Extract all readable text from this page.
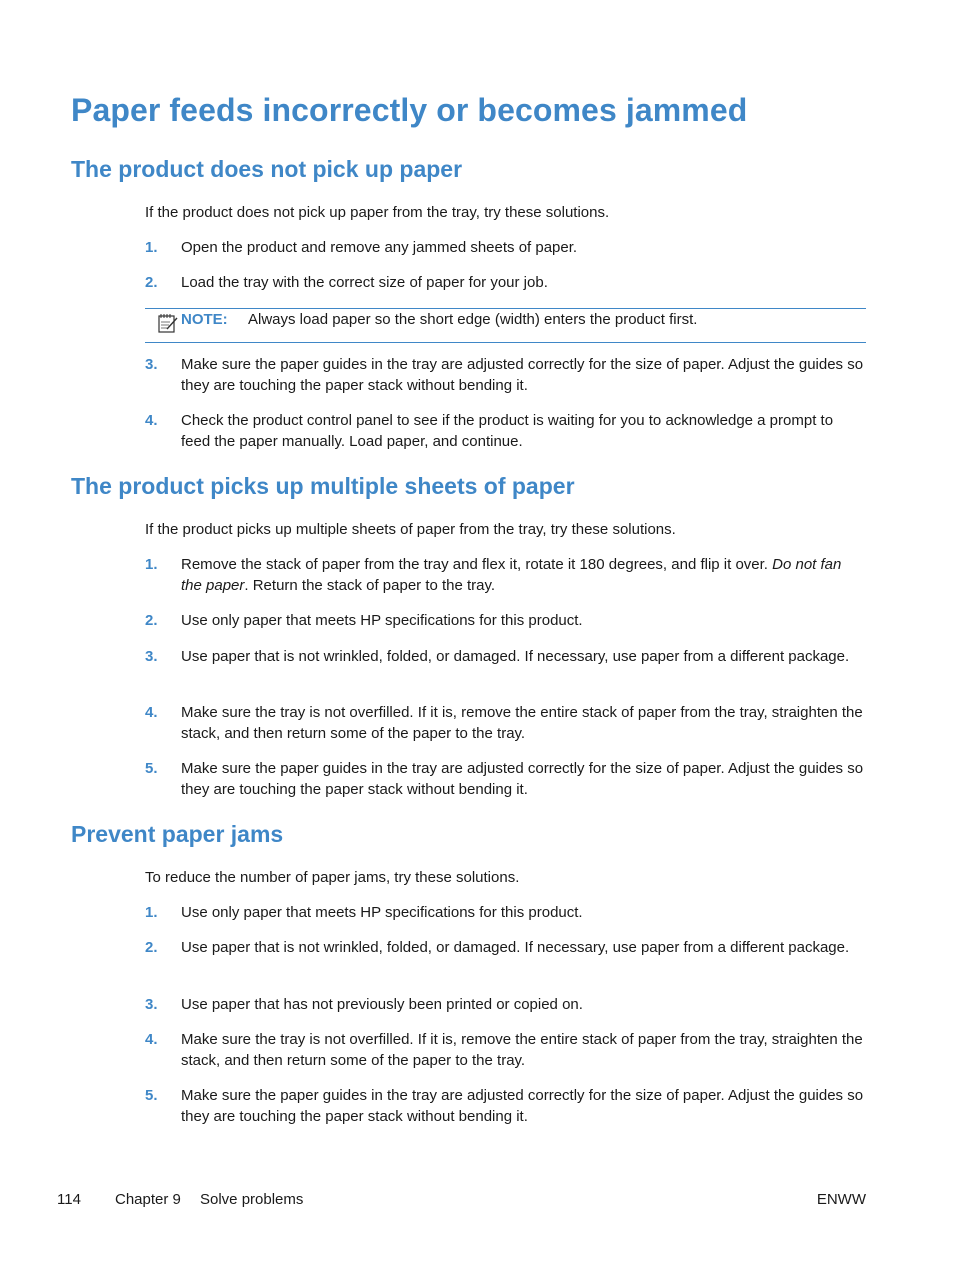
Paper feeds incorrectly or becomes jammed
The product does not pick up paper

If the product does not pick up paper from the tray, try these solutions.

1. Open the product and remove any jammed sheets of paper.
2. Load the tray with the correct size of paper for your job.
NOTE: Always load paper so the short edge (width) enters the product first.
3. Make sure the paper guides in the tray are adjusted correctly for the size of paper. Adjust the guides so they are touching the paper stack without bending it.
4. Check the product control panel to see if the product is waiting for you to acknowledge a prompt to feed the paper manually. Load paper, and continue.
The product picks up multiple sheets of paper

If the product picks up multiple sheets of paper from the tray, try these solutions.

1. Remove the stack of paper from the tray and flex it, rotate it 180 degrees, and flip it over. Do not fan the paper. Return the stack of paper to the tray.
2. Use only paper that meets HP specifications for this product.
3. Use paper that is not wrinkled, folded, or damaged. If necessary, use paper from a different package.
4. Make sure the tray is not overfilled. If it is, remove the entire stack of paper from the tray, straighten the stack, and then return some of the paper to the tray.
5. Make sure the paper guides in the tray are adjusted correctly for the size of paper. Adjust the guides so they are touching the paper stack without bending it.
Prevent paper jams

To reduce the number of paper jams, try these solutions.

1. Use only paper that meets HP specifications for this product.
2. Use paper that is not wrinkled, folded, or damaged. If necessary, use paper from a different package.
3. Use paper that has not previously been printed or copied on.
4. Make sure the tray is not overfilled. If it is, remove the entire stack of paper from the tray, straighten the stack, and then return some of the paper to the tray.
5. Make sure the paper guides in the tray are adjusted correctly for the size of paper. Adjust the guides so they are touching the paper stack without bending it.
114 Chapter 9 Solve problems	ENWW
